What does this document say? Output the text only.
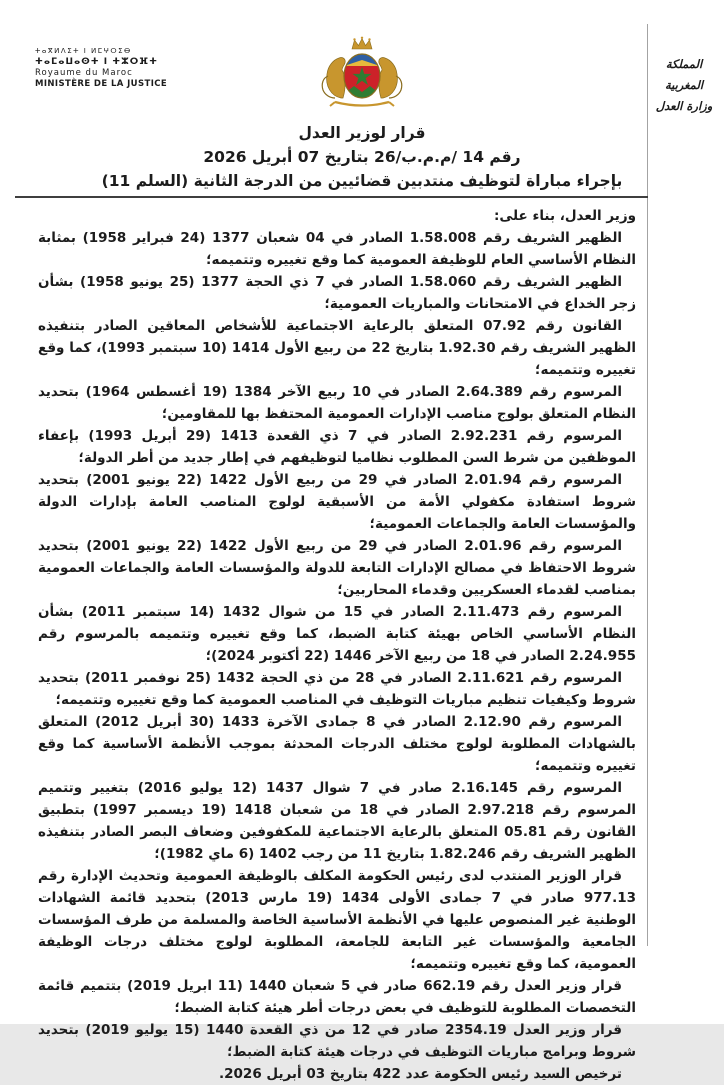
ⵜⴰⴳⵍⴷⵉⵜ ⵏ ⵍⵎⵖⵔⵉⴱ
ⵜⴰⵎⴰⵡⴰⵙⵜ ⵏ ⵜⵣⵔⴼⵜ
Royaume du Maroc
MINISTÈRE DE LA JUSTICE
المملكة المغربية
وزارة العدل
قرار لوزير العدل
رقم 14 /م.م.ب/26 بتاريخ 07 أبريل 2026
بإجراء مباراة لتوظيف منتدبين قضائيين من الدرجة الثانية (السلم 11)

وزير العدل، بناء على:

الظهير الشريف رقم 1.58.008 الصادر في 04 شعبان 1377 (24 فبراير 1958) بمثابة النظام الأساسي العام للوظيفة العمومية كما وقع تغييره وتتميمه؛

الظهير الشريف رقم 1.58.060 الصادر في 7 ذي الحجة 1377 (25 يونيو 1958) بشأن زجر الخداع في الامتحانات والمباريات العمومية؛

القانون رقم 07.92 المتعلق بالرعاية الاجتماعية للأشخاص المعاقين الصادر بتنفيذه الظهير الشريف رقم 1.92.30 بتاريخ 22 من ربيع الأول 1414 (10 سبتمبر 1993)، كما وقع تغييره وتتميمه؛

المرسوم رقم 2.64.389 الصادر في 10 ربيع الآخر 1384 (19 أغسطس 1964) بتحديد النظام المتعلق بولوج مناصب الإدارات العمومية المحتفظ بها للمقاومين؛

المرسوم رقم 2.92.231 الصادر في 7 ذي القعدة 1413 (29 أبريل 1993) بإعفاء الموظفين من شرط السن المطلوب نظاميا لتوظيفهم في إطار جديد من أطر الدولة؛

المرسوم رقم 2.01.94 الصادر في 29 من ربيع الأول 1422 (22 يونيو 2001) بتحديد شروط استفادة مكفولي الأمة من الأسبقية لولوج المناصب العامة بإدارات الدولة والمؤسسات العامة والجماعات العمومية؛

المرسوم رقم 2.01.96 الصادر في 29 من ربيع الأول 1422 (22 يونيو 2001) بتحديد شروط الاحتفاظ في مصالح الإدارات التابعة للدولة والمؤسسات العامة والجماعات العمومية بمناصب لقدماء العسكريين وقدماء المحاربين؛

المرسوم رقم 2.11.473 الصادر في 15 من شوال 1432 (14 سبتمبر 2011) بشأن النظام الأساسي الخاص بهيئة كتابة الضبط، كما وقع تغييره وتتميمه بالمرسوم رقم 2.24.955 الصادر في 18 من ربيع الآخر 1446 (22 أكتوبر 2024)؛

المرسوم رقم 2.11.621 الصادر في 28 من ذي الحجة 1432 (25 نوفمبر 2011) بتحديد شروط وكيفيات تنظيم مباريات التوظيف في المناصب العمومية كما وقع تغييره وتتميمه؛

المرسوم رقم 2.12.90 الصادر في 8 جمادى الآخرة 1433 (30 أبريل 2012) المتعلق بالشهادات المطلوبة لولوج مختلف الدرجات المحدثة بموجب الأنظمة الأساسية كما وقع تغييره وتتميمه؛

المرسوم رقم 2.16.145 صادر في 7 شوال 1437 (12 يوليو 2016) بتغيير وتتميم المرسوم رقم 2.97.218 الصادر في 18 من شعبان 1418 (19 ديسمبر 1997) بتطبيق القانون رقم 05.81 المتعلق بالرعاية الاجتماعية للمكفوفين وضعاف البصر الصادر بتنفيذه الظهير الشريف رقم 1.82.246 بتاريخ 11 من رجب 1402 (6 ماي 1982)؛

قرار الوزير المنتدب لدى رئيس الحكومة المكلف بالوظيفة العمومية وتحديث الإدارة رقم 977.13 صادر في 7 جمادى الأولى 1434 (19 مارس 2013) بتحديد قائمة الشهادات الوطنية غير المنصوص عليها في الأنظمة الأساسية الخاصة والمسلمة من طرف المؤسسات الجامعية والمؤسسات غير التابعة للجامعة، المطلوبة لولوج مختلف درجات الوظيفة العمومية، كما وقع تغييره وتتميمه؛

قرار وزير العدل رقم 662.19 صادر في 5 شعبان 1440 (11 ابريل 2019) بتتميم قائمة التخصصات المطلوبة للتوظيف في بعض درجات أطر هيئة كتابة الضبط؛

قرار وزير العدل 2354.19 صادر في 12 من ذي القعدة 1440 (15 يوليو 2019) بتحديد شروط وبرامج مباريات التوظيف في درجات هيئة كتابة الضبط؛

ترخيص السيد رئيس الحكومة عدد 422 بتاريخ 03 أبريل 2026.
